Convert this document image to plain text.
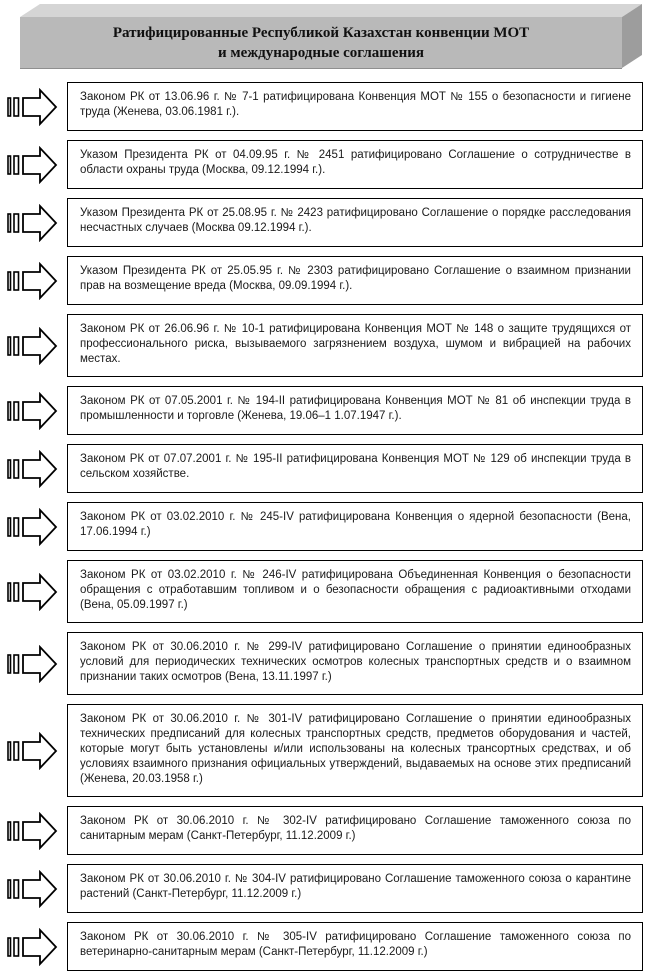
Ратифицированные Республикой Казахстан конвенции МОТ
и международные соглашения
Законом РК от 13.06.96 г. № 7-1 ратифицирована Конвенция МОТ № 155 о безопасности и гигиене труда (Женева, 03.06.1981 г.).
Указом Президента РК от 04.09.95 г. № 2451 ратифицировано Соглашение о сотрудничестве в области охраны труда (Москва, 09.12.1994 г.).
Указом Президента РК от 25.08.95 г. № 2423 ратифицировано Соглашение о порядке расследования несчастных случаев (Москва 09.12.1994 г.).
Указом Президента РК от 25.05.95 г. № 2303 ратифицировано Соглашение о взаимном признании прав на возмещение вреда (Москва, 09.09.1994 г.).
Законом РК от 26.06.96 г. № 10-1 ратифицирована Конвенция МОТ № 148 о защите трудящихся от профессионального риска, вызываемого загрязнением воздуха, шумом и вибрацией на рабочих местах.
Законом РК от 07.05.2001 г. № 194-II ратифицирована Конвенция МОТ № 81 об инспекции труда в промышленности и торговле (Женева, 19.06–1 1.07.1947 г.).
Законом РК от 07.07.2001 г. № 195-II ратифицирована Конвенция МОТ № 129 об инспекции труда в сельском хозяйстве.
Законом РК от 03.02.2010 г. № 245-IV ратифицирована Конвенция о ядерной безопасности (Вена, 17.06.1994 г.)
Законом РК от 03.02.2010 г. № 246-IV ратифицирована Объединенная Конвенция о безопасности обращения с отработавшим топливом и о безопасности обращения с радиоактивными отходами (Вена, 05.09.1997 г.)
Законом РК от 30.06.2010 г. № 299-IV ратифицировано Соглашение о принятии единообразных условий для периодических технических осмотров колесных транспортных средств и о взаимном признании таких осмотров (Вена, 13.11.1997 г.)
Законом РК от 30.06.2010 г. № 301-IV ратифицировано Соглашение о принятии единообразных технических предписаний для колесных транспортных средств, предметов оборудования и частей, которые могут быть установлены и/или использованы на колесных трансортных средствах, и об условиях взаимного признания официальных утверждений, выдаваемых на основе этих предписаний (Женева, 20.03.1958 г.)
Законом РК от 30.06.2010 г. № 302-IV ратифицировано Соглашение таможенного союза по санитарным мерам (Санкт-Петербург, 11.12.2009 г.)
Законом РК от 30.06.2010 г. № 304-IV ратифицировано Соглашение таможенного союза о карантине растений (Санкт-Петербург, 11.12.2009 г.)
Законом РК от 30.06.2010 г. № 305-IV ратифицировано Соглашение таможенного союза по ветеринарно-санитарным мерам (Санкт-Петербург, 11.12.2009 г.)
